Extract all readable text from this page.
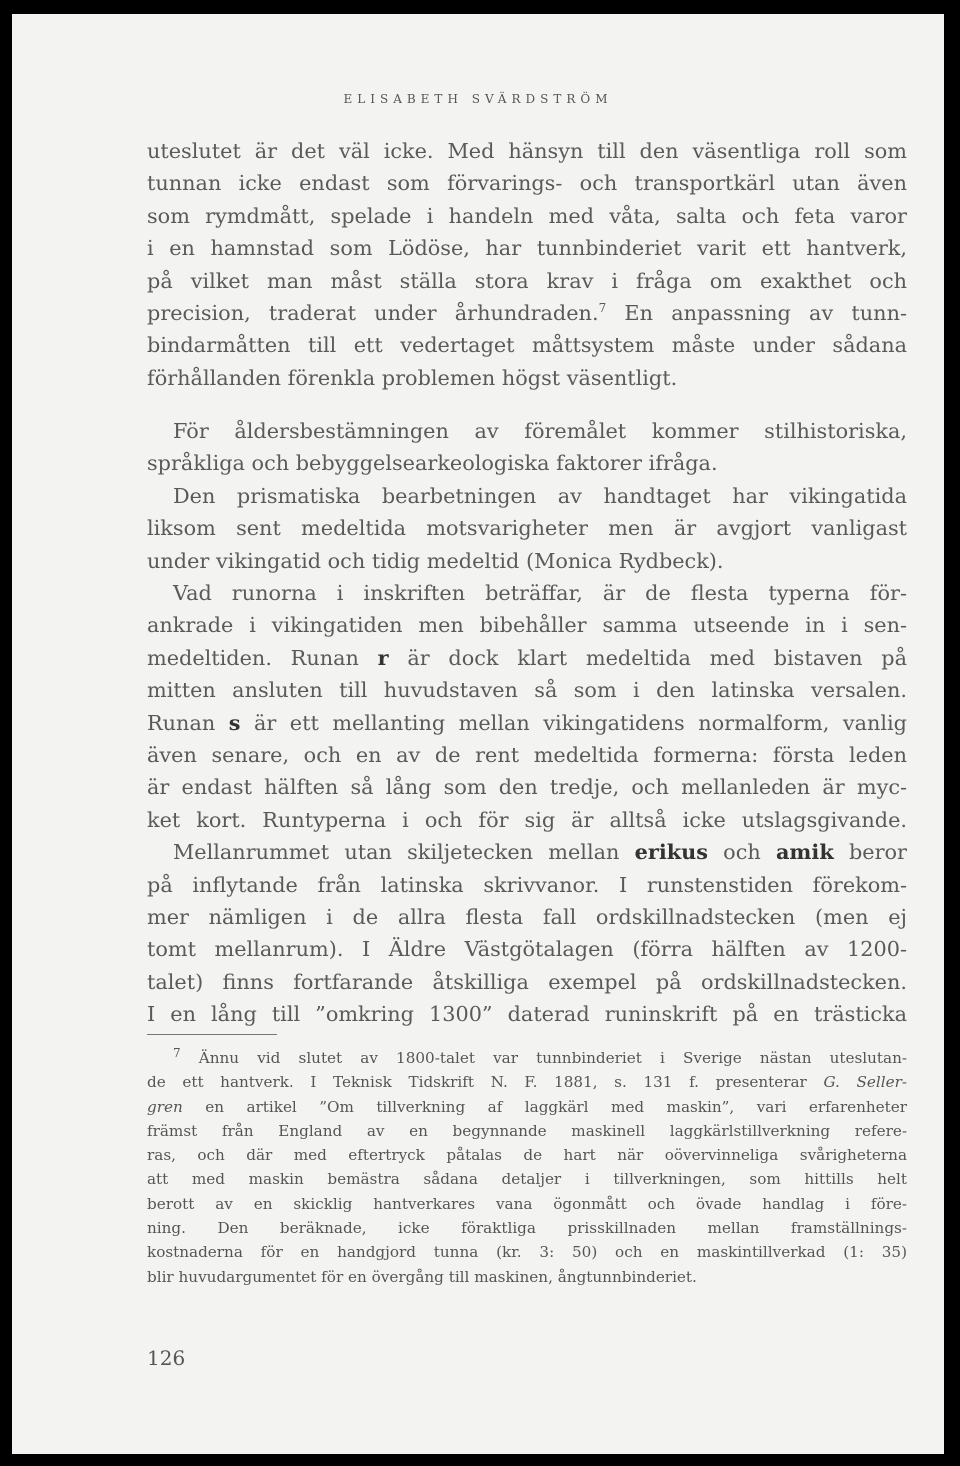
ELISABETH SVÄRDSTRÖM
uteslutet är det väl icke. Med hänsyn till den väsentliga roll som
tunnan icke endast som förvarings- och transportkärl utan även
som rymdmått, spelade i handeln med våta, salta och feta varor
i en hamnstad som Lödöse, har tunnbinderiet varit ett hantverk,
på vilket man måst ställa stora krav i fråga om exakthet och
precision, traderat under århundraden.$^7$ En anpassning av tunn-
bindarmåtten till ett vedertaget måttsystem måste under sådana
förhållanden förenkla problemen högst väsentligt.
För åldersbestämningen av föremålet kommer stilhistoriska,
språkliga och bebyggelsearkeologiska faktorer ifråga.
Den prismatiska bearbetningen av handtaget har vikingatida
liksom sent medeltida motsvarigheter men är avgjort vanligast
under vikingatid och tidig medeltid (Monica Rydbeck).
Vad runorna i inskriften beträffar, är de flesta typerna för-
ankrade i vikingatiden men bibehåller samma utseende in i sen-
medeltiden. Runan r är dock klart medeltida med bistaven på
mitten ansluten till huvudstaven så som i den latinska versalen.
Runan s är ett mellanting mellan vikingatidens normalform, vanlig
även senare, och en av de rent medeltida formerna: första leden
är endast hälften så lång som den tredje, och mellanleden är myc-
ket kort. Runtyperna i och för sig är alltså icke utslagsgivande.
Mellanrummet utan skiljetecken mellan erikus och amik beror
på inflytande från latinska skrivvanor. I runstenstiden förekom-
mer nämligen i de allra flesta fall ordskillnadstecken (men ej
tomt mellanrum). I Äldre Västgötalagen (förra hälften av 1200-
talet) finns fortfarande åtskilliga exempel på ordskillnadstecken.
I en lång till ”omkring 1300” daterad runinskrift på en trästicka
$^7$ Ännu vid slutet av 1800-talet var tunnbinderiet i Sverige nästan uteslutan-
de ett hantverk. I Teknisk Tidskrift N. F. 1881, s. 131 f. presenterar G. Seller-
gren en artikel ”Om tillverkning af laggkärl med maskin”, vari erfarenheter
främst från England av en begynnande maskinell laggkärlstillverkning refere-
ras, och där med eftertryck påtalas de hart när oövervinneliga svårigheterna
att med maskin bemästra sådana detaljer i tillverkningen, som hittills helt
berott av en skicklig hantverkares vana ögonmått och övade handlag i före-
ning. Den beräknade, icke föraktliga prisskillnaden mellan framställnings-
kostnaderna för en handgjord tunna (kr. 3: 50) och en maskintillverkad (1: 35)
blir huvudargumentet för en övergång till maskinen, ångtunnbinderiet.
126
